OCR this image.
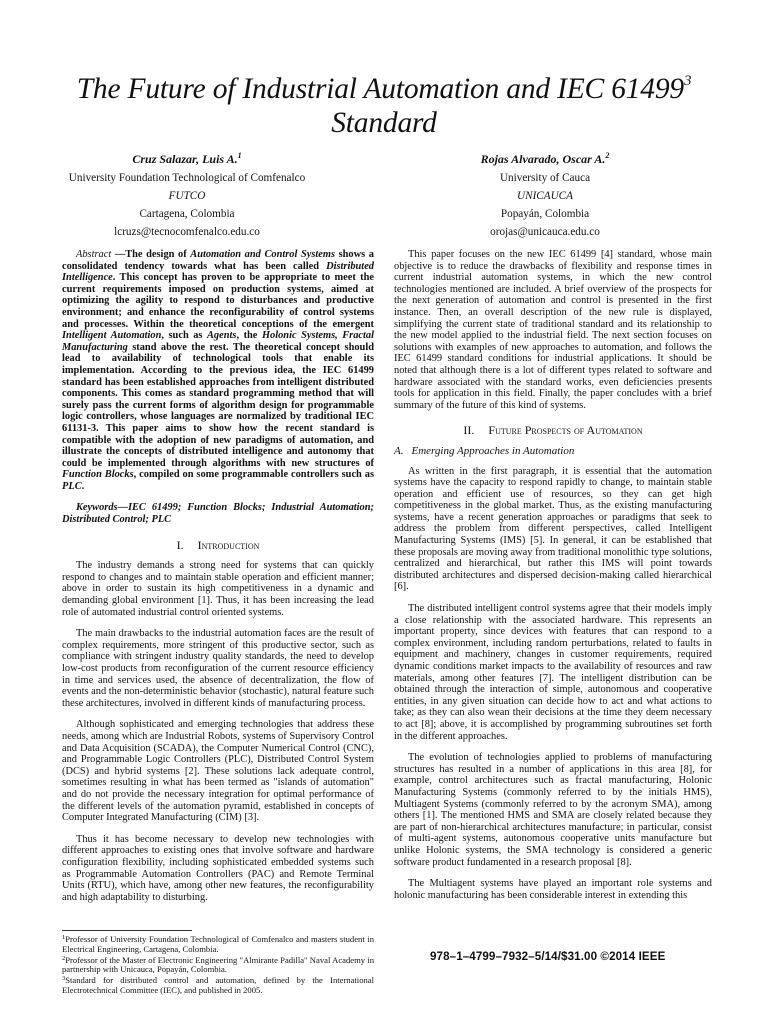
The Future of Industrial Automation and IEC 61499$^3$
Standard
Cruz Salazar, Luis A.$^1$
University Foundation Technological of Comfenalco
FUTCO
Cartagena, Colombia
lcruzs@tecnocomfenalco.edu.co
Rojas Alvarado, Oscar A.$^2$
University of Cauca
UNICAUCA
Popayán, Colombia
orojas@unicauca.edu.co

Abstract —The design of Automation and Control Systems shows a consolidated tendency towards what has been called Distributed Intelligence. This concept has proven to be appropriate to meet the current requirements imposed on production systems, aimed at optimizing the agility to respond to disturbances and productive environment; and enhance the reconfigurability of control systems and processes. Within the theoretical conceptions of the emergent Intelligent Automation, such as Agents, the Holonic Systems, Fractal Manufacturing stand above the rest. The theoretical concept should lead to availability of technological tools that enable its implementation. According to the previous idea, the IEC 61499 standard has been established approaches from intelligent distributed components. This comes as standard programming method that will surely pass the current forms of algorithm design for programmable logic controllers, whose languages are normalized by traditional IEC 61131-3. This paper aims to show how the recent standard is compatible with the adoption of new paradigms of automation, and illustrate the concepts of distributed intelligence and autonomy that could be implemented through algorithms with new structures of Function Blocks, compiled on some programmable controllers such as PLC.

Keywords—IEC 61499; Function Blocks; Industrial Automation; Distributed Control; PLC

I. Introduction

The industry demands a strong need for systems that can quickly respond to changes and to maintain stable operation and efficient manner; above in order to sustain its high competitiveness in a dynamic and demanding global environment [1]. Thus, it has been increasing the lead role of automated industrial control oriented systems.

The main drawbacks to the industrial automation faces are the result of complex requirements, more stringent of this productive sector, such as compliance with stringent industry quality standards, the need to develop low-cost products from reconfiguration of the current resource efficiency in time and services used, the absence of decentralization, the flow of events and the non-deterministic behavior (stochastic), natural feature such these architectures, involved in different kinds of manufacturing process.

Although sophisticated and emerging technologies that address these needs, among which are Industrial Robots, systems of Supervisory Control and Data Acquisition (SCADA), the Computer Numerical Control (CNC), and Programmable Logic Controllers (PLC), Distributed Control System (DCS) and hybrid systems [2]. These solutions lack adequate control, sometimes resulting in what has been termed as "islands of automation" and do not provide the necessary integration for optimal performance of the different levels of the automation pyramid, established in concepts of Computer Integrated Manufacturing (CIM) [3].

Thus it has become necessary to develop new technologies with different approaches to existing ones that involve software and hardware configuration flexibility, including sophisticated embedded systems such as Programmable Automation Controllers (PAC) and Remote Terminal Units (RTU), which have, among other new features, the reconfigurability and high adaptability to disturbing.

This paper focuses on the new IEC 61499 [4] standard, whose main objective is to reduce the drawbacks of flexibility and response times in current industrial automation systems, in which the new control technologies mentioned are included. A brief overview of the prospects for the next generation of automation and control is presented in the first instance. Then, an overall description of the new rule is displayed, simplifying the current state of traditional standard and its relationship to the new model applied to the industrial field. The next section focuses on solutions with examples of new approaches to automation, and follows the IEC 61499 standard conditions for industrial applications. It should be noted that although there is a lot of different types related to software and hardware associated with the standard works, even deficiencies presents tools for application in this field. Finally, the paper concludes with a brief summary of the future of this kind of systems.

II. Future Prospects of Automation
A. Emerging Approaches in Automation

As written in the first paragraph, it is essential that the automation systems have the capacity to respond rapidly to change, to maintain stable operation and efficient use of resources, so they can get high competitiveness in the global market. Thus, as the existing manufacturing systems, have a recent generation approaches or paradigms that seek to address the problem from different perspectives, called Intelligent Manufacturing Systems (IMS) [5]. In general, it can be established that these proposals are moving away from traditional monolithic type solutions, centralized and hierarchical, but rather this IMS will point towards distributed architectures and dispersed decision-making called hierarchical [6].

The distributed intelligent control systems agree that their models imply a close relationship with the associated hardware. This represents an important property, since devices with features that can respond to a complex environment, including random perturbations, related to faults in equipment and machinery, changes in customer requirements, required dynamic conditions market impacts to the availability of resources and raw materials, among other features [7]. The intelligent distribution can be obtained through the interaction of simple, autonomous and cooperative entities, in any given situation can decide how to act and what actions to take; as they can also wean their decisions at the time they deem necessary to act [8]; above, it is accomplished by programming subroutines set forth in the different approaches.

The evolution of technologies applied to problems of manufacturing structures has resulted in a number of applications in this area [8], for example, control architectures such as fractal manufacturing, Holonic Manufacturing Systems (commonly referred to by the initials HMS), Multiagent Systems (commonly referred to by the acronym SMA), among others [1]. The mentioned HMS and SMA are closely related because they are part of non-hierarchical architectures manufacture; in particular, consist of multi-agent systems, autonomous cooperative units manufacture but unlike Holonic systems, the SMA technology is considered a generic software product fundamented in a research proposal [8].

The Multiagent systems have played an important role systems and holonic manufacturing has been considerable interest in extending this

$^1$Professor of University Foundation Technological of Comfenalco and masters student in Electrical Engineering, Cartagena, Colombia.
$^2$Professor of the Master of Electronic Engineering "Almirante Padilla" Naval Academy in partnership with Unicauca, Popayán, Colombia.
$^3$Standard for distributed control and automation, defined by the International Electrotechnical Committee (IEC), and published in 2005.
978–1–4799–7932–5/14/$31.00 ©2014 IEEE
